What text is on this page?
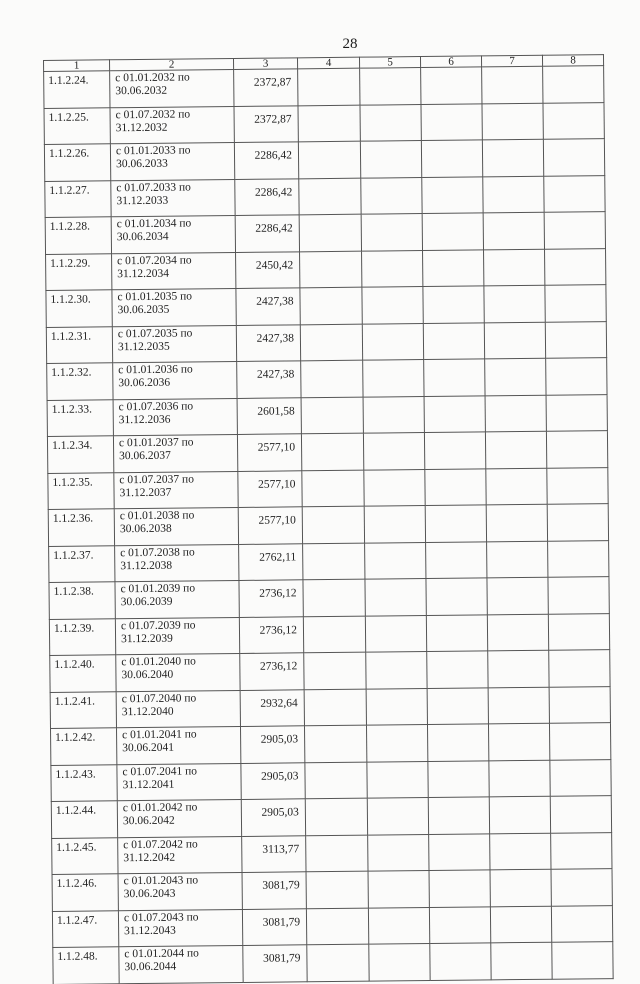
28
1	2	3	4	5	6	7	8
1.1.2.24.	с 01.01.2032 по 30.06.2032	2372,87					
1.1.2.25.	с 01.07.2032 по 31.12.2032	2372,87					
1.1.2.26.	с 01.01.2033 по 30.06.2033	2286,42					
1.1.2.27.	с 01.07.2033 по 31.12.2033	2286,42					
1.1.2.28.	с 01.01.2034 по 30.06.2034	2286,42					
1.1.2.29.	с 01.07.2034 по 31.12.2034	2450,42					
1.1.2.30.	с 01.01.2035 по 30.06.2035	2427,38					
1.1.2.31.	с 01.07.2035 по 31.12.2035	2427,38					
1.1.2.32.	с 01.01.2036 по 30.06.2036	2427,38					
1.1.2.33.	с 01.07.2036 по 31.12.2036	2601,58					
1.1.2.34.	с 01.01.2037 по 30.06.2037	2577,10					
1.1.2.35.	с 01.07.2037 по 31.12.2037	2577,10					
1.1.2.36.	с 01.01.2038 по 30.06.2038	2577,10					
1.1.2.37.	с 01.07.2038 по 31.12.2038	2762,11					
1.1.2.38.	с 01.01.2039 по 30.06.2039	2736,12					
1.1.2.39.	с 01.07.2039 по 31.12.2039	2736,12					
1.1.2.40.	с 01.01.2040 по 30.06.2040	2736,12					
1.1.2.41.	с 01.07.2040 по 31.12.2040	2932,64					
1.1.2.42.	с 01.01.2041 по 30.06.2041	2905,03					
1.1.2.43.	с 01.07.2041 по 31.12.2041	2905,03					
1.1.2.44.	с 01.01.2042 по 30.06.2042	2905,03					
1.1.2.45.	с 01.07.2042 по 31.12.2042	3113,77					
1.1.2.46.	с 01.01.2043 по 30.06.2043	3081,79					
1.1.2.47.	с 01.07.2043 по 31.12.2043	3081,79					
1.1.2.48.	с 01.01.2044 по 30.06.2044	3081,79					
